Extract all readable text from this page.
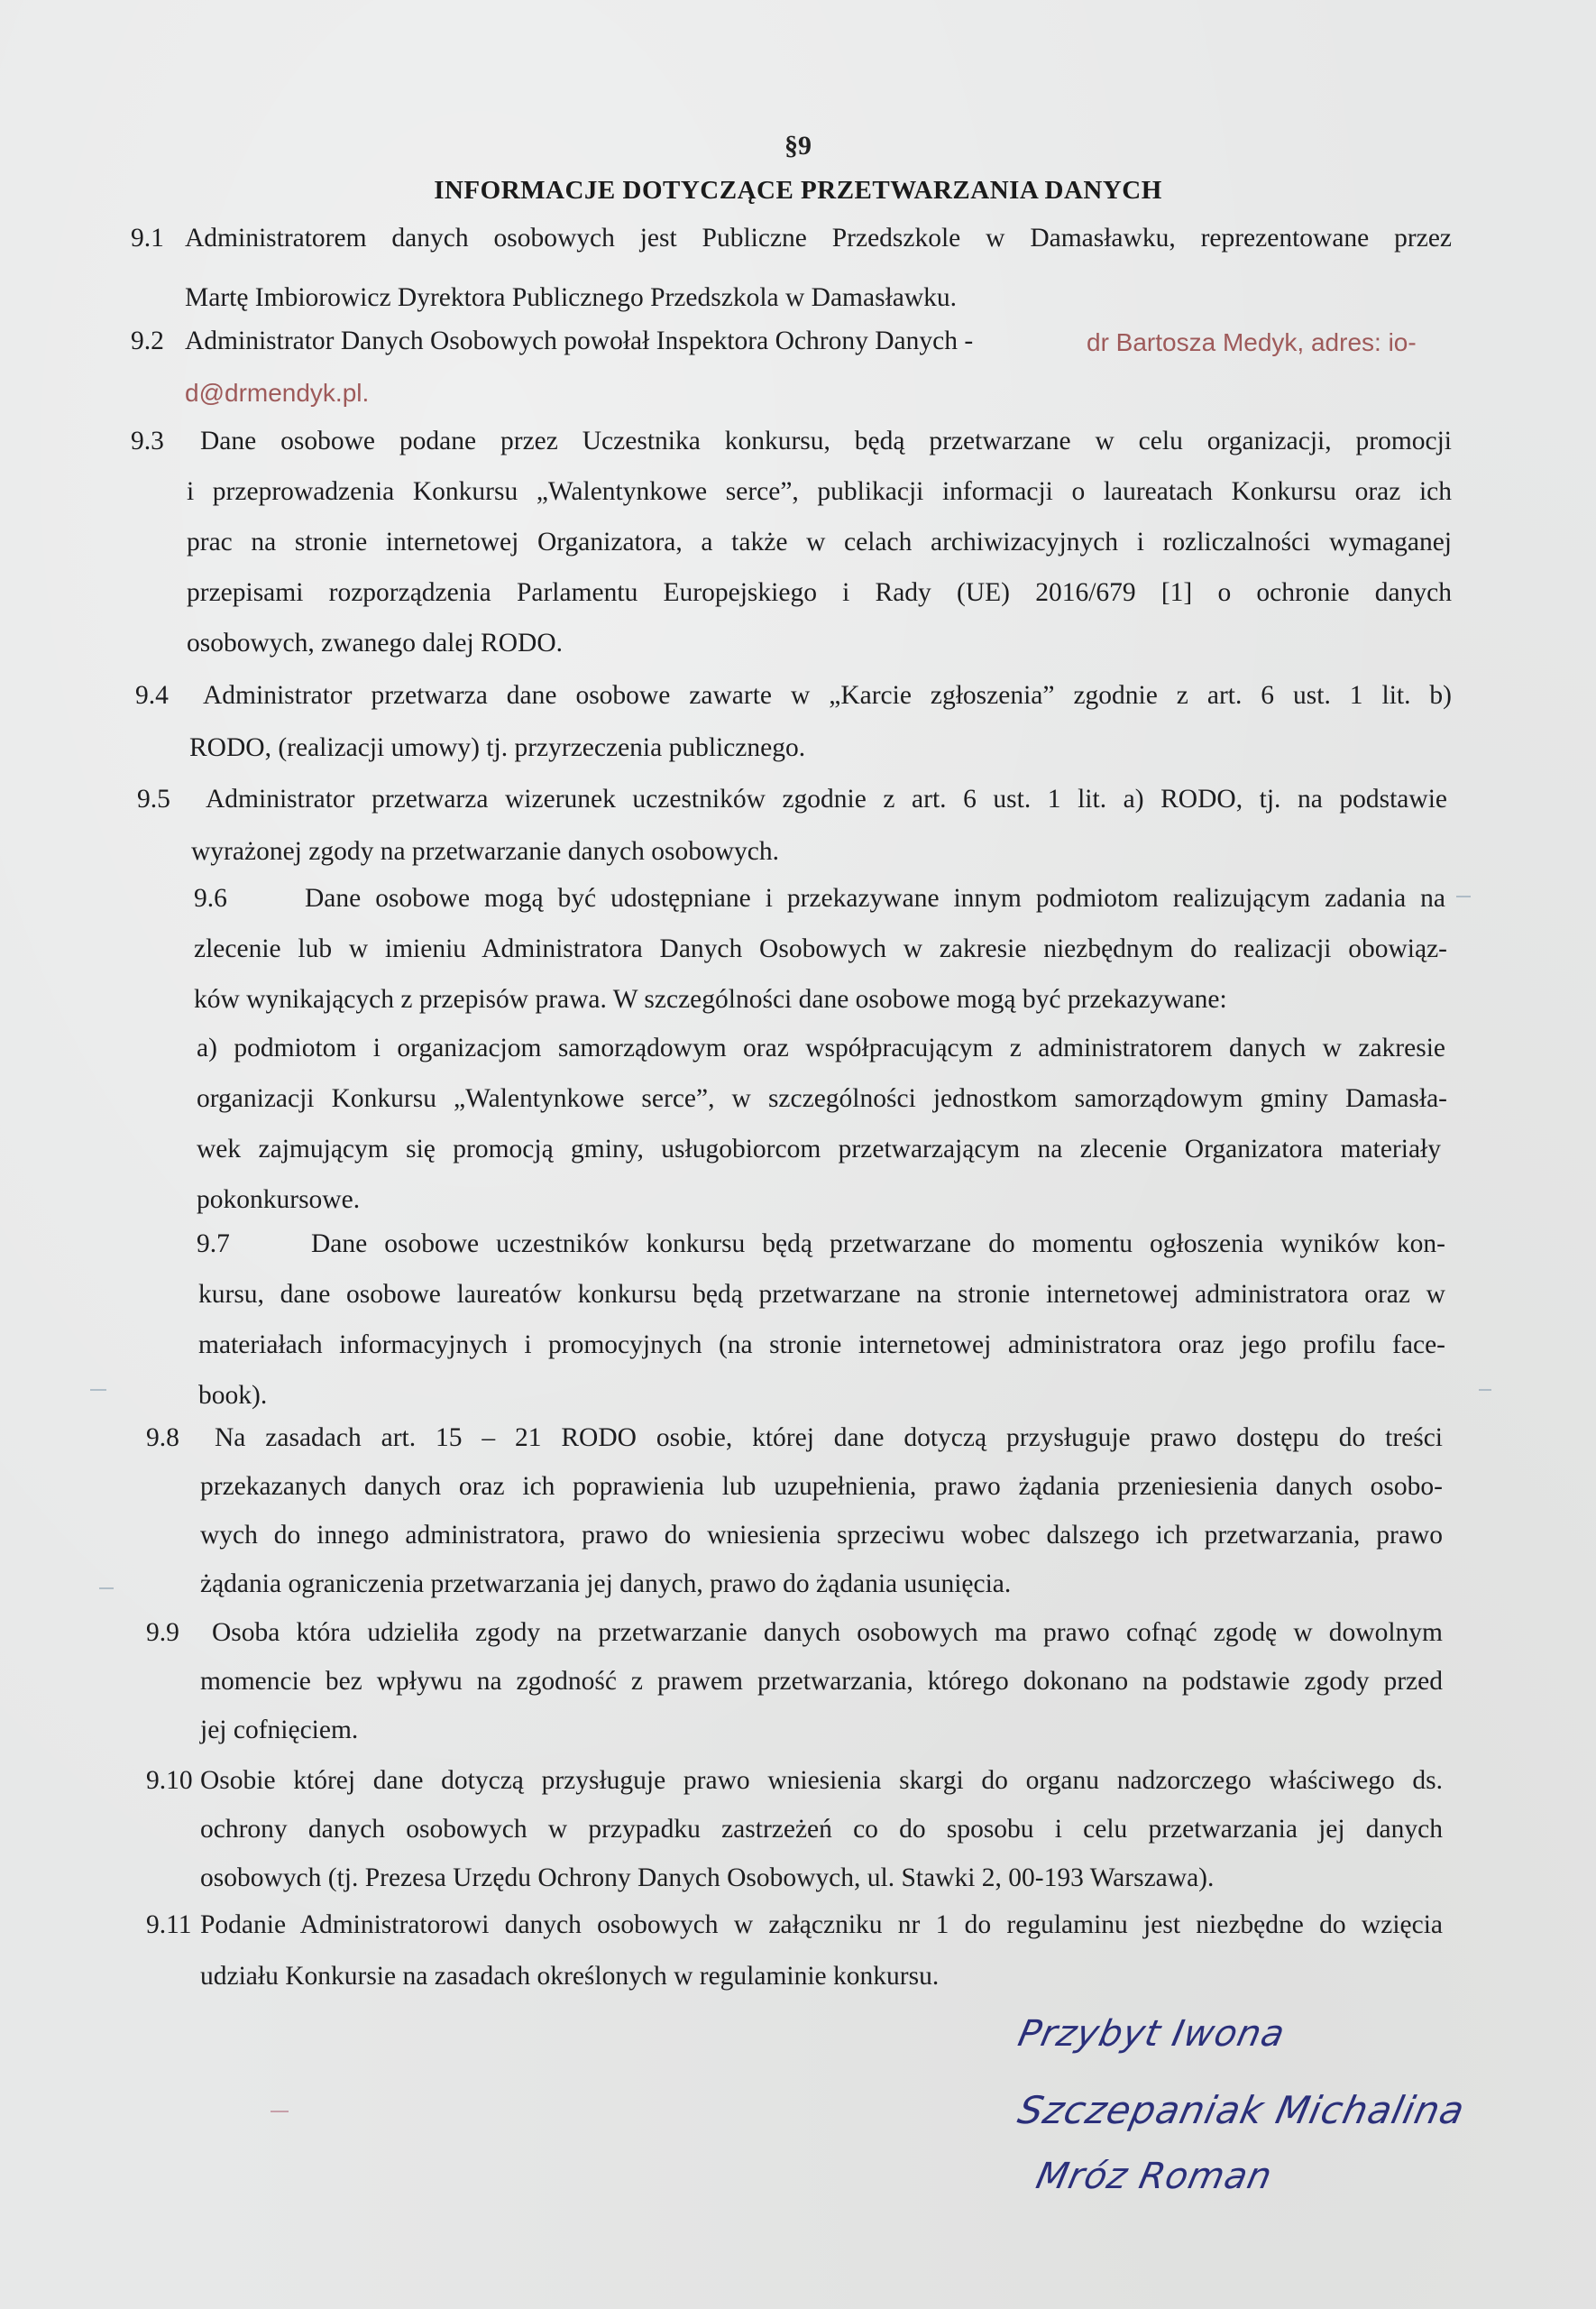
§9
INFORMACJE DOTYCZĄCE PRZETWARZANIA DANYCH
9.1 Administratorem danych osobowych jest Publiczne Przedszkole w Damasławku, reprezentowane przez
Martę Imbiorowicz Dyrektora Publicznego Przedszkola w Damasławku.
9.2 Administrator Danych Osobowych powołał Inspektora Ochrony Danych -	dr Bartosza Medyk, adres: io-
d@drmendyk.pl.
9.3 Dane osobowe podane przez Uczestnika konkursu, będą przetwarzane w celu organizacji, promocji
i przeprowadzenia Konkursu „Walentynkowe serce”, publikacji informacji o laureatach Konkursu oraz ich
prac na stronie internetowej Organizatora, a także w celach archiwizacyjnych i rozliczalności wymaganej
przepisami rozporządzenia Parlamentu Europejskiego i Rady (UE) 2016/679 [1] o ochronie danych
osobowych, zwanego dalej RODO.
9.4 Administrator przetwarza dane osobowe zawarte w „Karcie zgłoszenia” zgodnie z art. 6 ust. 1 lit. b)
RODO, (realizacji umowy) tj. przyrzeczenia publicznego.
9.5 Administrator przetwarza wizerunek uczestników zgodnie z art. 6 ust. 1 lit. a) RODO, tj. na podstawie
wyrażonej zgody na przetwarzanie danych osobowych.
9.6	Dane osobowe mogą być udostępniane i przekazywane innym podmiotom realizującym zadania na
zlecenie lub w imieniu Administratora Danych Osobowych w zakresie niezbędnym do realizacji obowiąz-
ków wynikających z przepisów prawa. W szczególności dane osobowe mogą być przekazywane:
a) podmiotom i organizacjom samorządowym oraz współpracującym z administratorem danych w zakresie
organizacji Konkursu „Walentynkowe serce”, w szczególności jednostkom samorządowym gminy Damasła-
wek zajmującym się promocją gminy, usługobiorcom przetwarzającym na zlecenie Organizatora materiały
pokonkursowe.
9.7	Dane osobowe uczestników konkursu będą przetwarzane do momentu ogłoszenia wyników kon-
kursu, dane osobowe laureatów konkursu będą przetwarzane na stronie internetowej administratora oraz w
materiałach informacyjnych i promocyjnych (na stronie internetowej administratora oraz jego profilu face-
book).
9.8 Na zasadach art. 15 – 21 RODO osobie, której dane dotyczą przysługuje prawo dostępu do treści
przekazanych danych oraz ich poprawienia lub uzupełnienia, prawo żądania przeniesienia danych osobo-
wych do innego administratora, prawo do wniesienia sprzeciwu wobec dalszego ich przetwarzania, prawo
żądania ograniczenia przetwarzania jej danych, prawo do żądania usunięcia.
9.9 Osoba która udzieliła zgody na przetwarzanie danych osobowych ma prawo cofnąć zgodę w dowolnym
momencie bez wpływu na zgodność z prawem przetwarzania, którego dokonano na podstawie zgody przed
jej cofnięciem.
9.10 Osobie której dane dotyczą przysługuje prawo wniesienia skargi do organu nadzorczego właściwego ds.
ochrony danych osobowych w przypadku zastrzeżeń co do sposobu i celu przetwarzania jej danych
osobowych (tj. Prezesa Urzędu Ochrony Danych Osobowych, ul. Stawki 2, 00-193 Warszawa).
9.11 Podanie Administratorowi danych osobowych w załączniku nr 1 do regulaminu jest niezbędne do wzięcia
udziału Konkursie na zasadach określonych w regulaminie konkursu.
Przybyt Iwona
Szczepaniak Michalina
Mróz Roman
